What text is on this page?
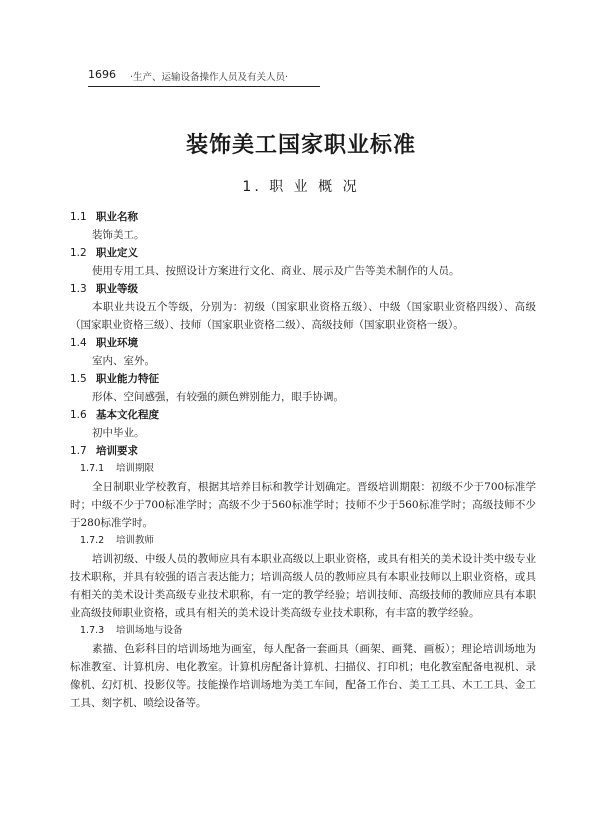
1696 ·生产、运输设备操作人员及有关人员·
装饰美工国家职业标准
1. 职 业 概 况
1.1 职业名称
装饰美工。
1.2 职业定义
使用专用工具、按照设计方案进行文化、商业、展示及广告等美术制作的人员。
1.3 职业等级
本职业共设五个等级，分别为：初级（国家职业资格五级）、中级（国家职业资格四级）、高级（国家职业资格三级）、技师（国家职业资格二级）、高级技师（国家职业资格一级）。
1.4 职业环境
室内、室外。
1.5 职业能力特征
形体、空间感强，有较强的颜色辨别能力，眼手协调。
1.6 基本文化程度
初中毕业。
1.7 培训要求
1.7.1 培训期限
全日制职业学校教育，根据其培养目标和教学计划确定。晋级培训期限：初级不少于700标准学时；中级不少于700标准学时；高级不少于560标准学时；技师不少于560标准学时；高级技师不少于280标准学时。
1.7.2 培训教师
培训初级、中级人员的教师应具有本职业高级以上职业资格，或具有相关的美术设计类中级专业技术职称，并具有较强的语言表达能力；培训高级人员的教师应具有本职业技师以上职业资格，或具有相关的美术设计类高级专业技术职称，有一定的教学经验；培训技师、高级技师的教师应具有本职业高级技师职业资格，或具有相关的美术设计类高级专业技术职称，有丰富的教学经验。
1.7.3 培训场地与设备
素描、色彩科目的培训场地为画室，每人配备一套画具（画架、画凳、画板）；理论培训场地为标准教室、计算机房、电化教室。计算机房配备计算机、扫描仪、打印机；电化教室配备电视机、录像机、幻灯机、投影仪等。技能操作培训场地为美工车间，配备工作台、美工工具、木工工具、金工工具、刻字机、喷绘设备等。
